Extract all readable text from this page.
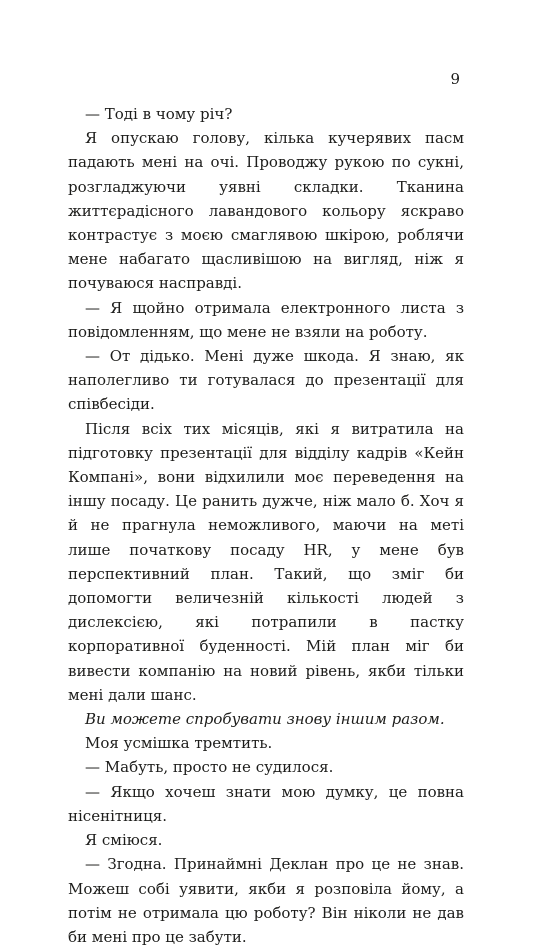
9

— Тоді в чому річ?

Я опускаю голову, кілька кучерявих пасм падають мені на очі. Проводжу рукою по сукні, розгладжуючи уявні складки. Тканина життєрадісного лавандового кольору яскраво контрастує з моєю смаглявою шкірою, роблячи мене набагато щасливішою на вигляд, ніж я почуваюся насправді.

— Я щойно отримала електронного листа з повідомленням, що мене не взяли на роботу.

— От дідько. Мені дуже шкода. Я знаю, як наполегливо ти готувалася до презентації для співбесіди.

Після всіх тих місяців, які я витратила на підготовку презентації для відділу кадрів «Кейн Компані», вони відхилили моє переведення на іншу посаду. Це ранить дужче, ніж мало б. Хоч я й не прагнула неможливого, маючи на меті лише початкову посаду HR, у мене був перспективний план. Такий, що зміг би допомогти величезній кількості людей з дислексією, які потрапили в пастку корпоративної буденності. Мій план міг би вивести компанію на новий рівень, якби тільки мені дали шанс.

Ви можете спробувати знову іншим разом.

Моя усмішка тремтить.

— Мабуть, просто не судилося.

— Якщо хочеш знати мою думку, це повна нісенітниця.

Я сміюся.

— Згодна. Принаймні Деклан про це не знав. Можеш собі уявити, якби я розповіла йому, а потім не отримала цю роботу? Він ніколи не дав би мені про це забути.
